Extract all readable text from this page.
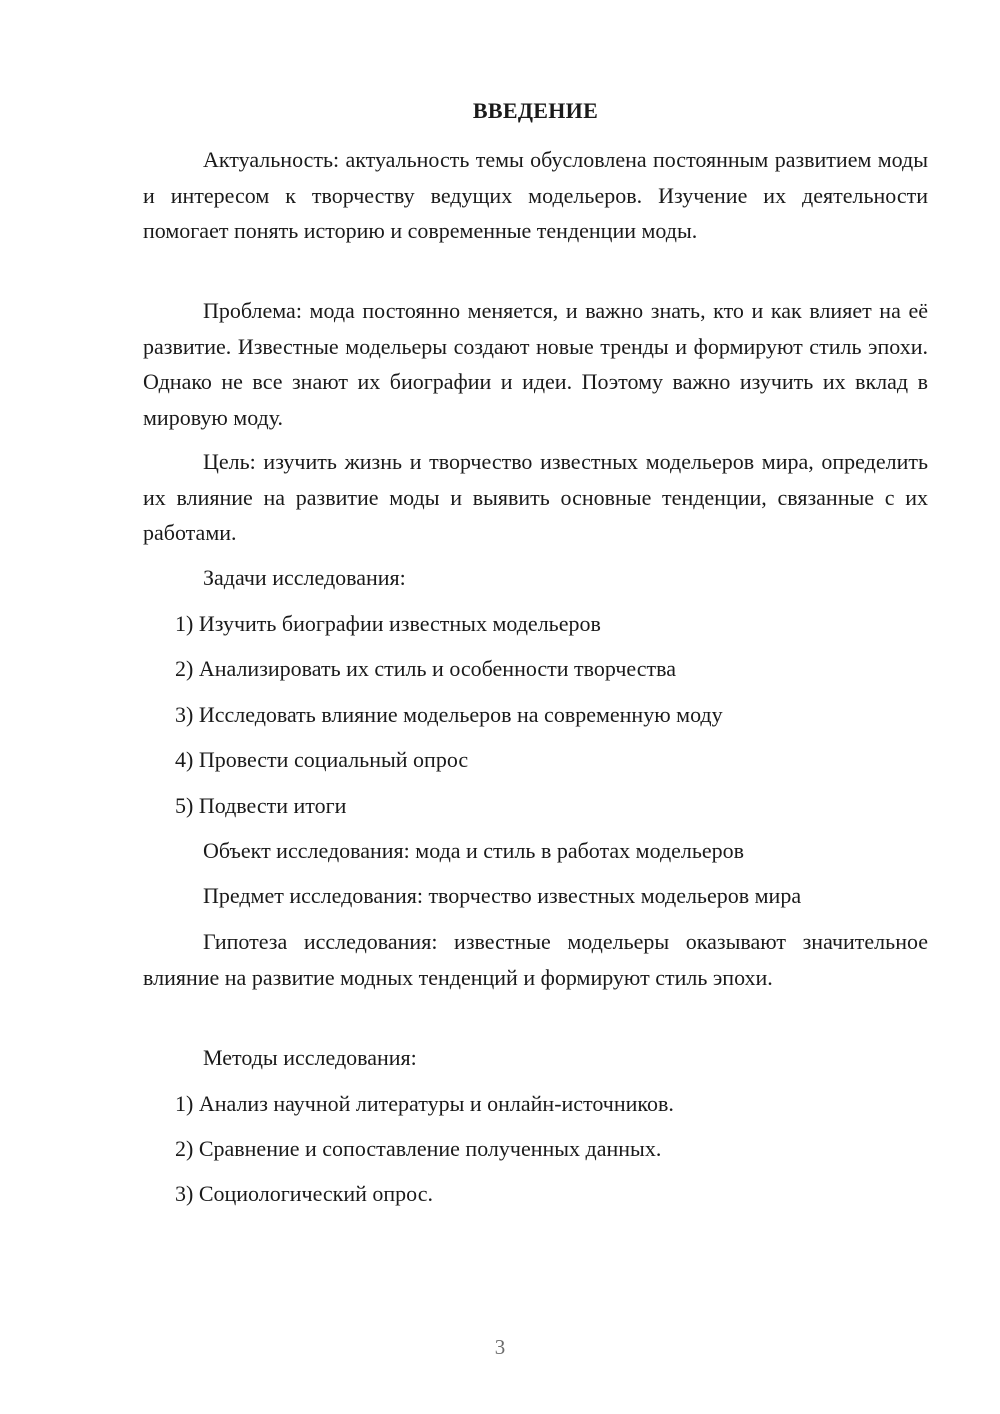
ВВЕДЕНИЕ

Актуальность: актуальность темы обусловлена постоянным развитием моды и интересом к творчеству ведущих модельеров. Изучение их деятельности помогает понять историю и современные тенденции моды.

Проблема: мода постоянно меняется, и важно знать, кто и как влияет на её развитие. Известные модельеры создают новые тренды и формируют стиль эпохи. Однако не все знают их биографии и идеи. Поэтому важно изучить их вклад в мировую моду.

Цель: изучить жизнь и творчество известных модельеров мира, определить их влияние на развитие моды и выявить основные тенденции, связанные с их работами.

Задачи исследования:

1) Изучить биографии известных модельеров

2) Анализировать их стиль и особенности творчества

3) Исследовать влияние модельеров на современную моду

4) Провести социальный опрос

5) Подвести итоги

Объект исследования: мода и стиль в работах модельеров

Предмет исследования: творчество известных модельеров мира

Гипотеза исследования: известные модельеры оказывают значительное влияние на развитие модных тенденций и формируют стиль эпохи.

Методы исследования:

1) Анализ научной литературы и онлайн-источников.

2) Сравнение и сопоставление полученных данных.

3) Социологический опрос.

3
